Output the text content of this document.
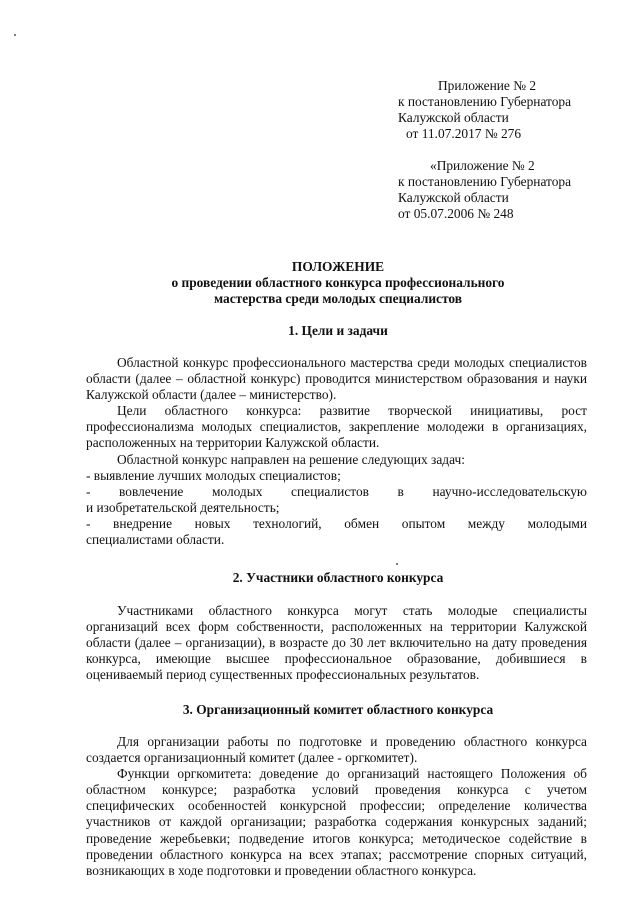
Приложение № 2
к постановлению Губернатора
Калужской области
от 11.07.2017 № 276
«Приложение № 2
к постановлению Губернатора
Калужской области
от 05.07.2006 № 248
ПОЛОЖЕНИЕ
о проведении областного конкурса профессионального
мастерства среди молодых специалистов
1. Цели и задачи

Областной конкурс профессионального мастерства среди молодых специалистов области (далее – областной конкурс) проводится министерством образования и науки Калужской области (далее – министерство).

Цели областного конкурса: развитие творческой инициативы, рост профессионализма молодых специалистов, закрепление молодежи в организациях, расположенных на территории Калужской области.

Областной конкурс направлен на решение следующих задач:

- выявление лучших молодых специалистов;

- вовлечение молодых специалистов в научно-исследовательскую

и изобретательской деятельность;

- внедрение новых технологий, обмен опытом между молодыми

специалистами области.

2. Участники областного конкурса

Участниками областного конкурса могут стать молодые специалисты организаций всех форм собственности, расположенных на территории Калужской области (далее – организации), в возрасте до 30 лет включительно на дату проведения конкурса, имеющие высшее профессиональное образование, добившиеся в оцениваемый период существенных профессиональных результатов.

3. Организационный комитет областного конкурса

Для организации работы по подготовке и проведению областного конкурса создается организационный комитет (далее - оргкомитет).

Функции оргкомитета: доведение до организаций настоящего Положения об областном конкурсе; разработка условий проведения конкурса с учетом специфических особенностей конкурсной профессии; определение количества участников от каждой организации; разработка содержания конкурсных заданий; проведение жеребьевки; подведение итогов конкурса; методическое содействие в проведении областного конкурса на всех этапах; рассмотрение спорных ситуаций, возникающих в ходе подготовки и проведении областного конкурса.
